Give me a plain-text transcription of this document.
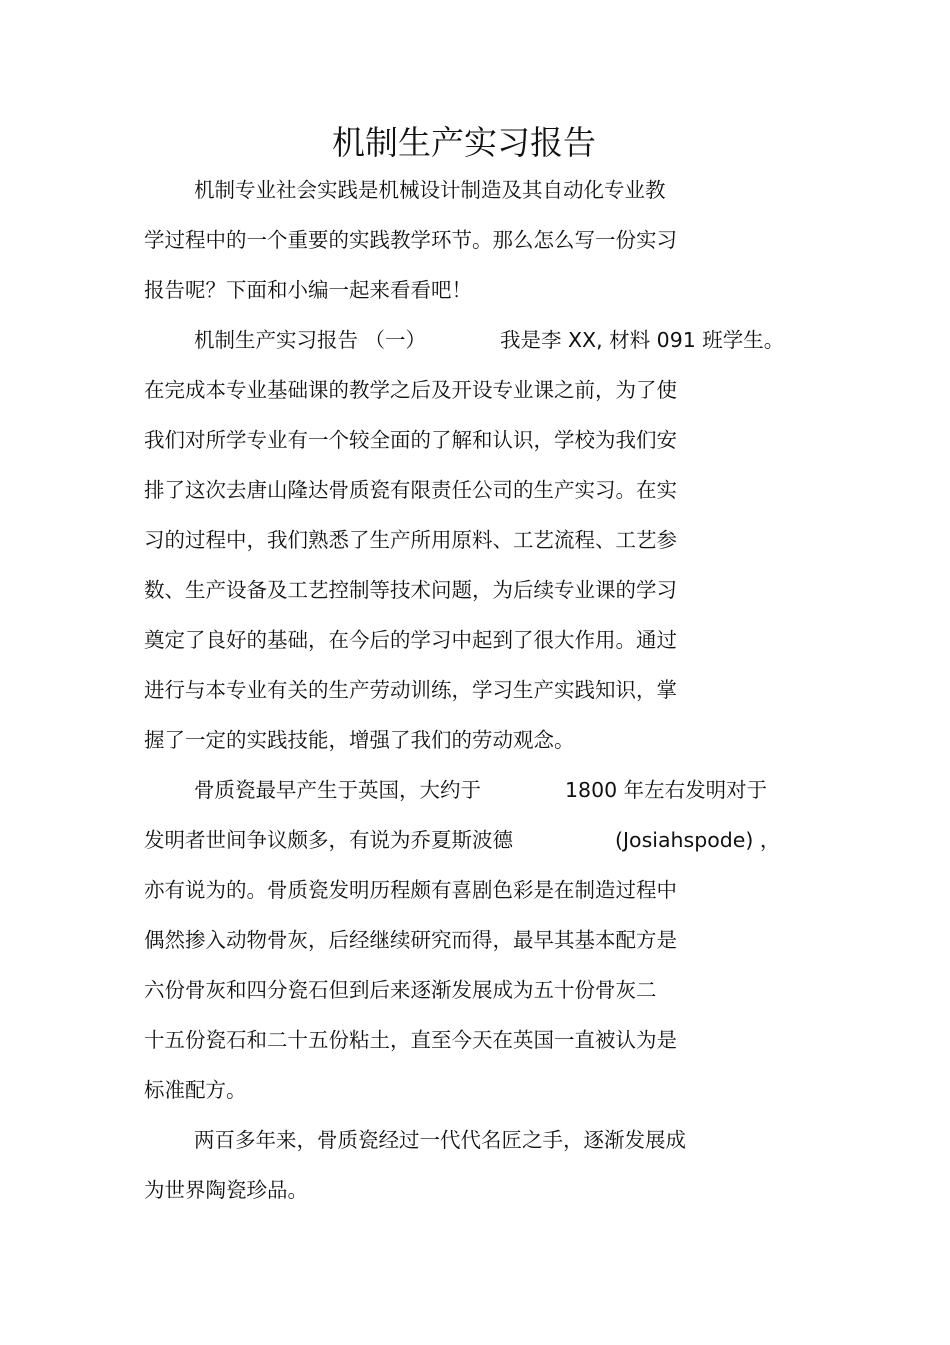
机制生产实习报告

机制专业社会实践是机械设计制造及其自动化专业教

学过程中的一个重要的实践教学环节。那么怎么写一份实习

报告呢？下面和小编一起来看看吧！

机制生产实习报告 （一）	我是李 XX, 材料 091 班学生。

在完成本专业基础课的教学之后及开设专业课之前，为了使

我们对所学专业有一个较全面的了解和认识，学校为我们安

排了这次去唐山隆达骨质瓷有限责任公司的生产实习。在实

习的过程中，我们熟悉了生产所用原料、工艺流程、工艺参

数、生产设备及工艺控制等技术问题，为后续专业课的学习

奠定了良好的基础，在今后的学习中起到了很大作用。通过

进行与本专业有关的生产劳动训练，学习生产实践知识，掌

握了一定的实践技能，增强了我们的劳动观念。

骨质瓷最早产生于英国，大约于	1800 年左右发明对于

发明者世间争议颇多，有说为乔夏斯波德	(Josiahspode) ，

亦有说为的。骨质瓷发明历程颇有喜剧色彩是在制造过程中

偶然掺入动物骨灰，后经继续研究而得，最早其基本配方是

六份骨灰和四分瓷石但到后来逐渐发展成为五十份骨灰二

十五份瓷石和二十五份粘土，直至今天在英国一直被认为是

标准配方。

两百多年来，骨质瓷经过一代代名匠之手，逐渐发展成

为世界陶瓷珍品。
